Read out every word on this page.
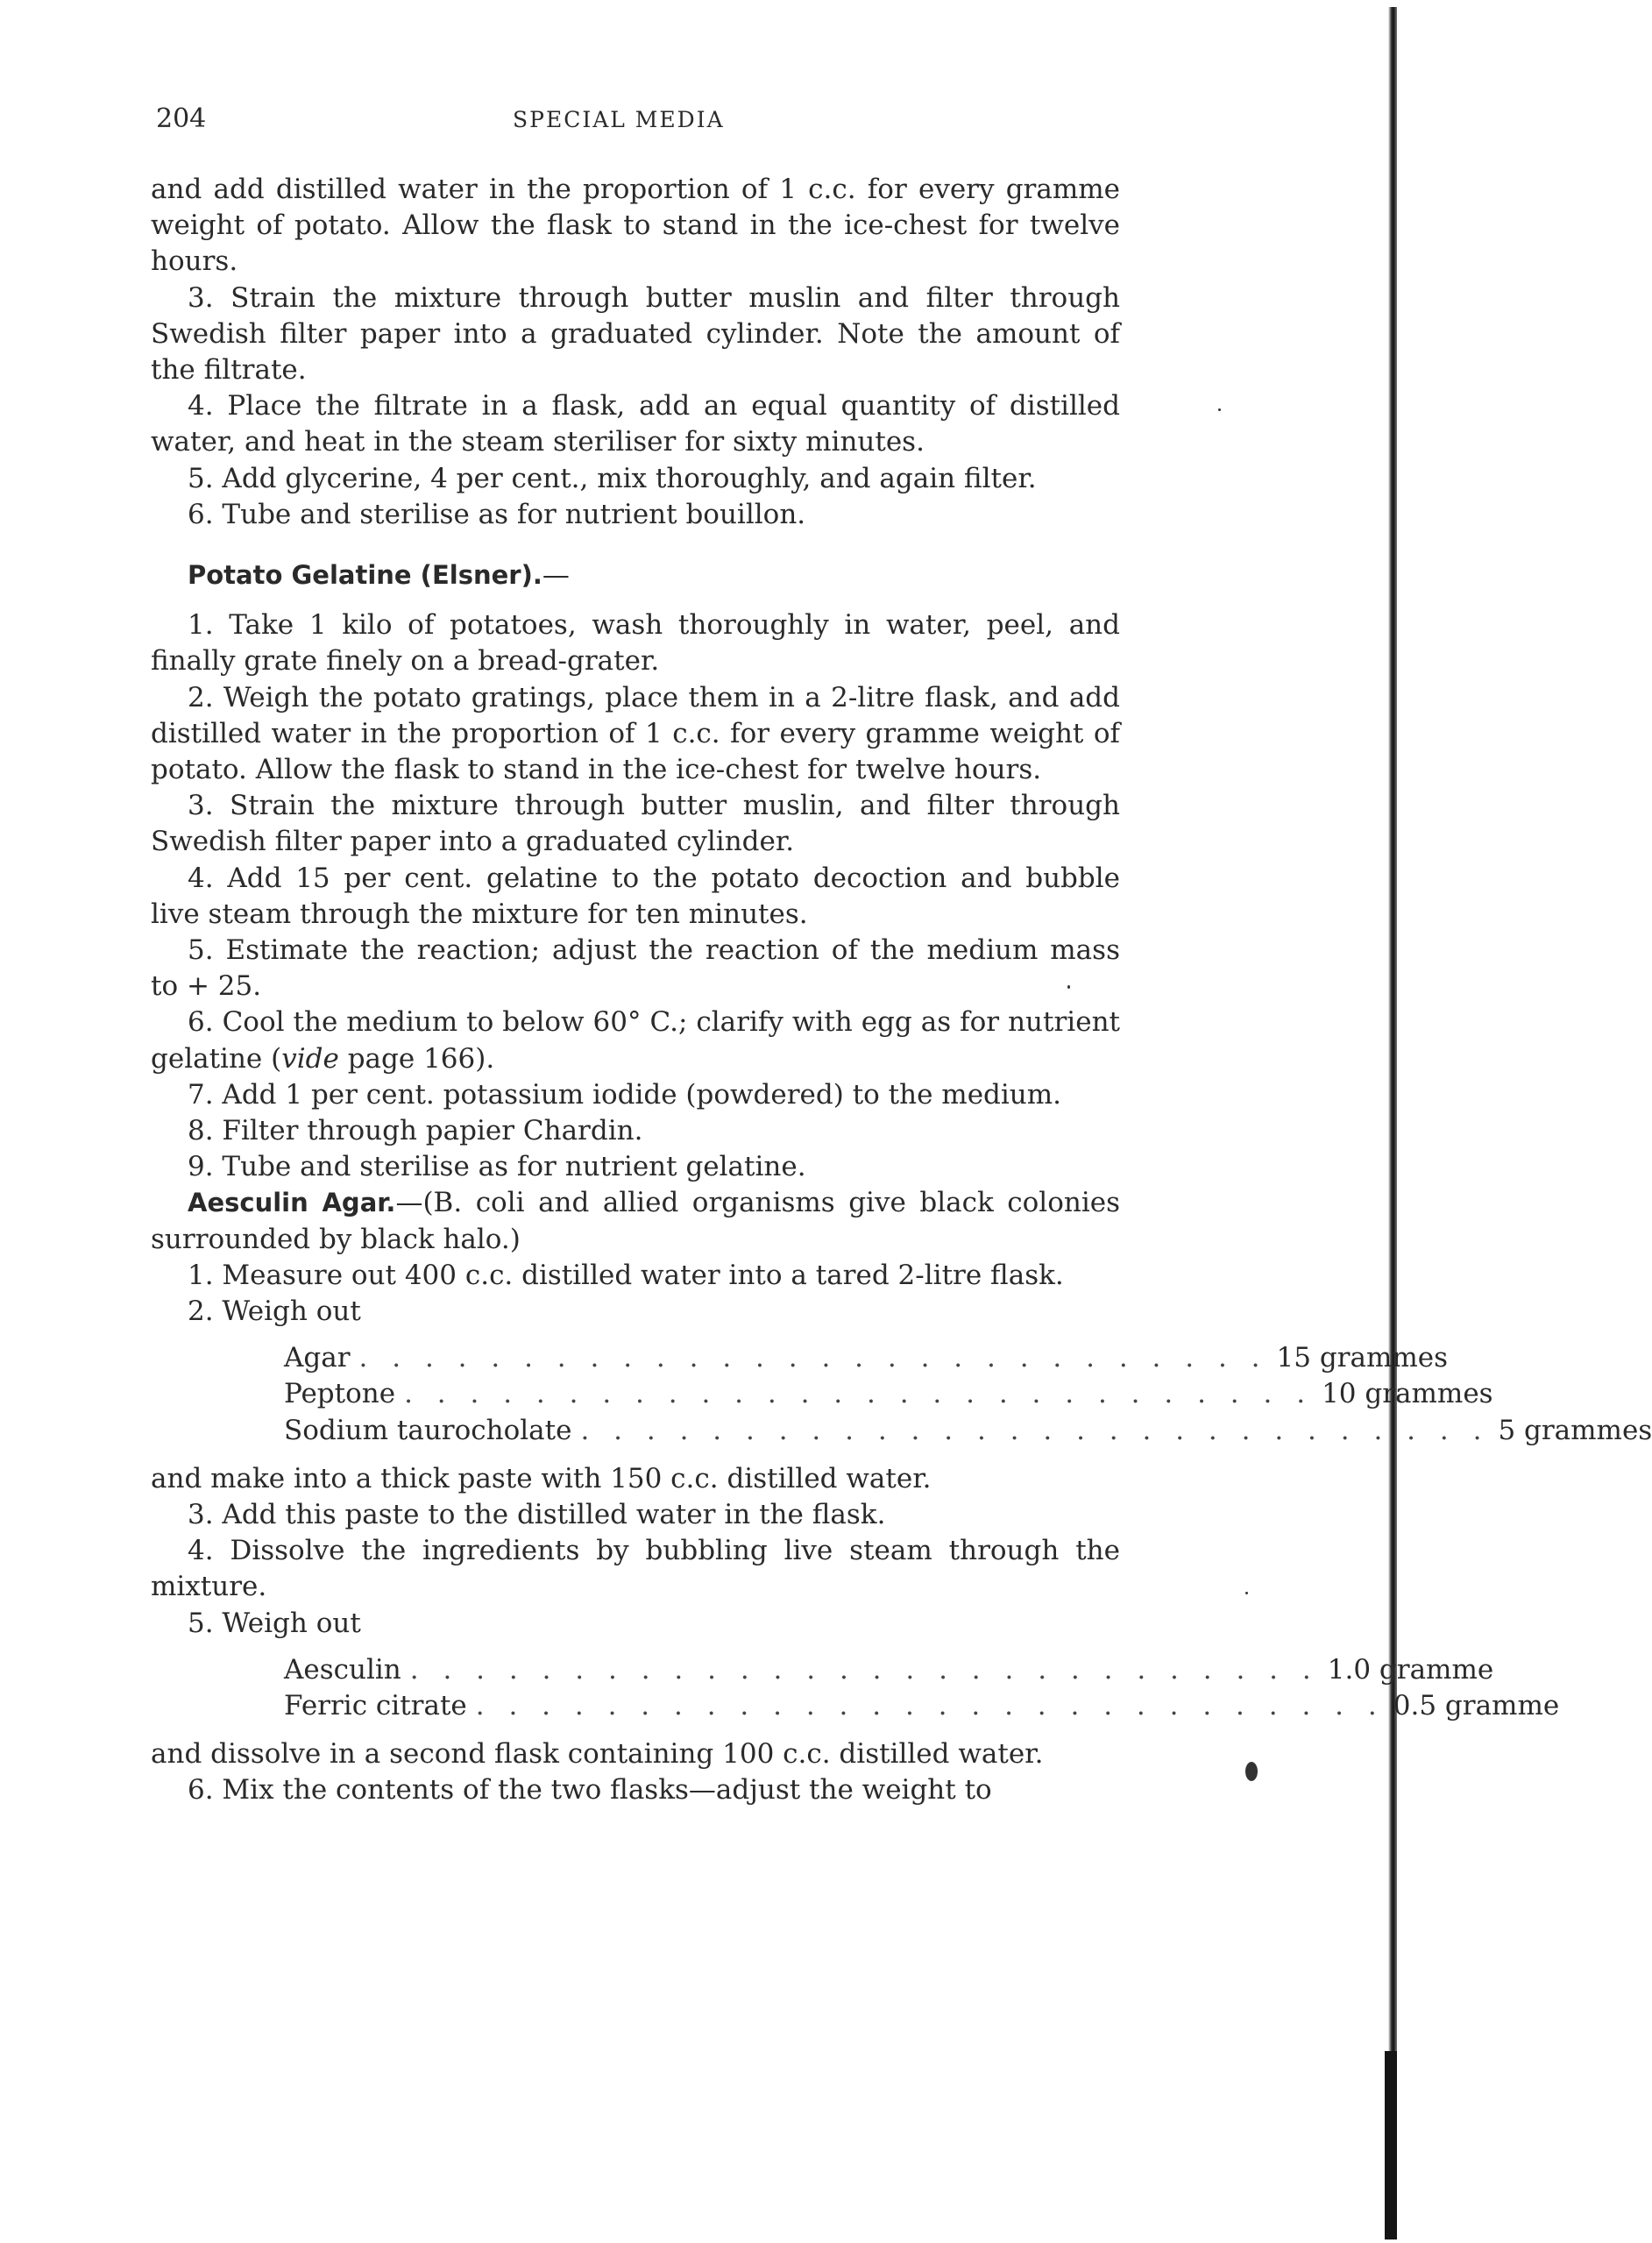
204	SPECIAL MEDIA

and add distilled water in the proportion of 1 c.c. for every gramme weight of potato. Allow the flask to stand in the ice-chest for twelve hours.

3. Strain the mixture through butter muslin and filter through Swedish filter paper into a graduated cylinder. Note the amount of the filtrate.

4. Place the filtrate in a flask, add an equal quantity of distilled water, and heat in the steam steriliser for sixty minutes.

5. Add glycerine, 4 per cent., mix thoroughly, and again filter.

6. Tube and sterilise as for nutrient bouillon.

Potato Gelatine (Elsner).—

1. Take 1 kilo of potatoes, wash thoroughly in water, peel, and finally grate finely on a bread-grater.

2. Weigh the potato gratings, place them in a 2-litre flask, and add distilled water in the proportion of 1 c.c. for every gramme weight of potato. Allow the flask to stand in the ice-chest for twelve hours.

3. Strain the mixture through butter muslin, and filter through Swedish filter paper into a graduated cylinder.

4. Add 15 per cent. gelatine to the potato decoction and bubble live steam through the mixture for ten minutes.

5. Estimate the reaction; adjust the reaction of the medium mass to + 25.

6. Cool the medium to below 60° C.; clarify with egg as for nutrient gelatine (vide page 166).

7. Add 1 per cent. potassium iodide (powdered) to the medium.

8. Filter through papier Chardin.

9. Tube and sterilise as for nutrient gelatine.

Aesculin Agar.—(B. coli and allied organisms give black colonies surrounded by black halo.)

1. Measure out 400 c.c. distilled water into a tared 2-litre flask.

2. Weigh out

Agar . . . . . . . . . . . . . . . . . . . . . . . . . . . . 15 grammes
Peptone . . . . . . . . . . . . . . . . . . . . . . . . . . . . 10 grammes
Sodium taurocholate . . . . . . . . . . . . . . . . . . . . . . . . . . . . 5 grammes

and make into a thick paste with 150 c.c. distilled water.

3. Add this paste to the distilled water in the flask.

4. Dissolve the ingredients by bubbling live steam through the mixture.

5. Weigh out

Aesculin . . . . . . . . . . . . . . . . . . . . . . . . . . . . 1.0 gramme
Ferric citrate . . . . . . . . . . . . . . . . . . . . . . . . . . . . 0.5 gramme

and dissolve in a second flask containing 100 c.c. distilled water.

6. Mix the contents of the two flasks—adjust the weight to
